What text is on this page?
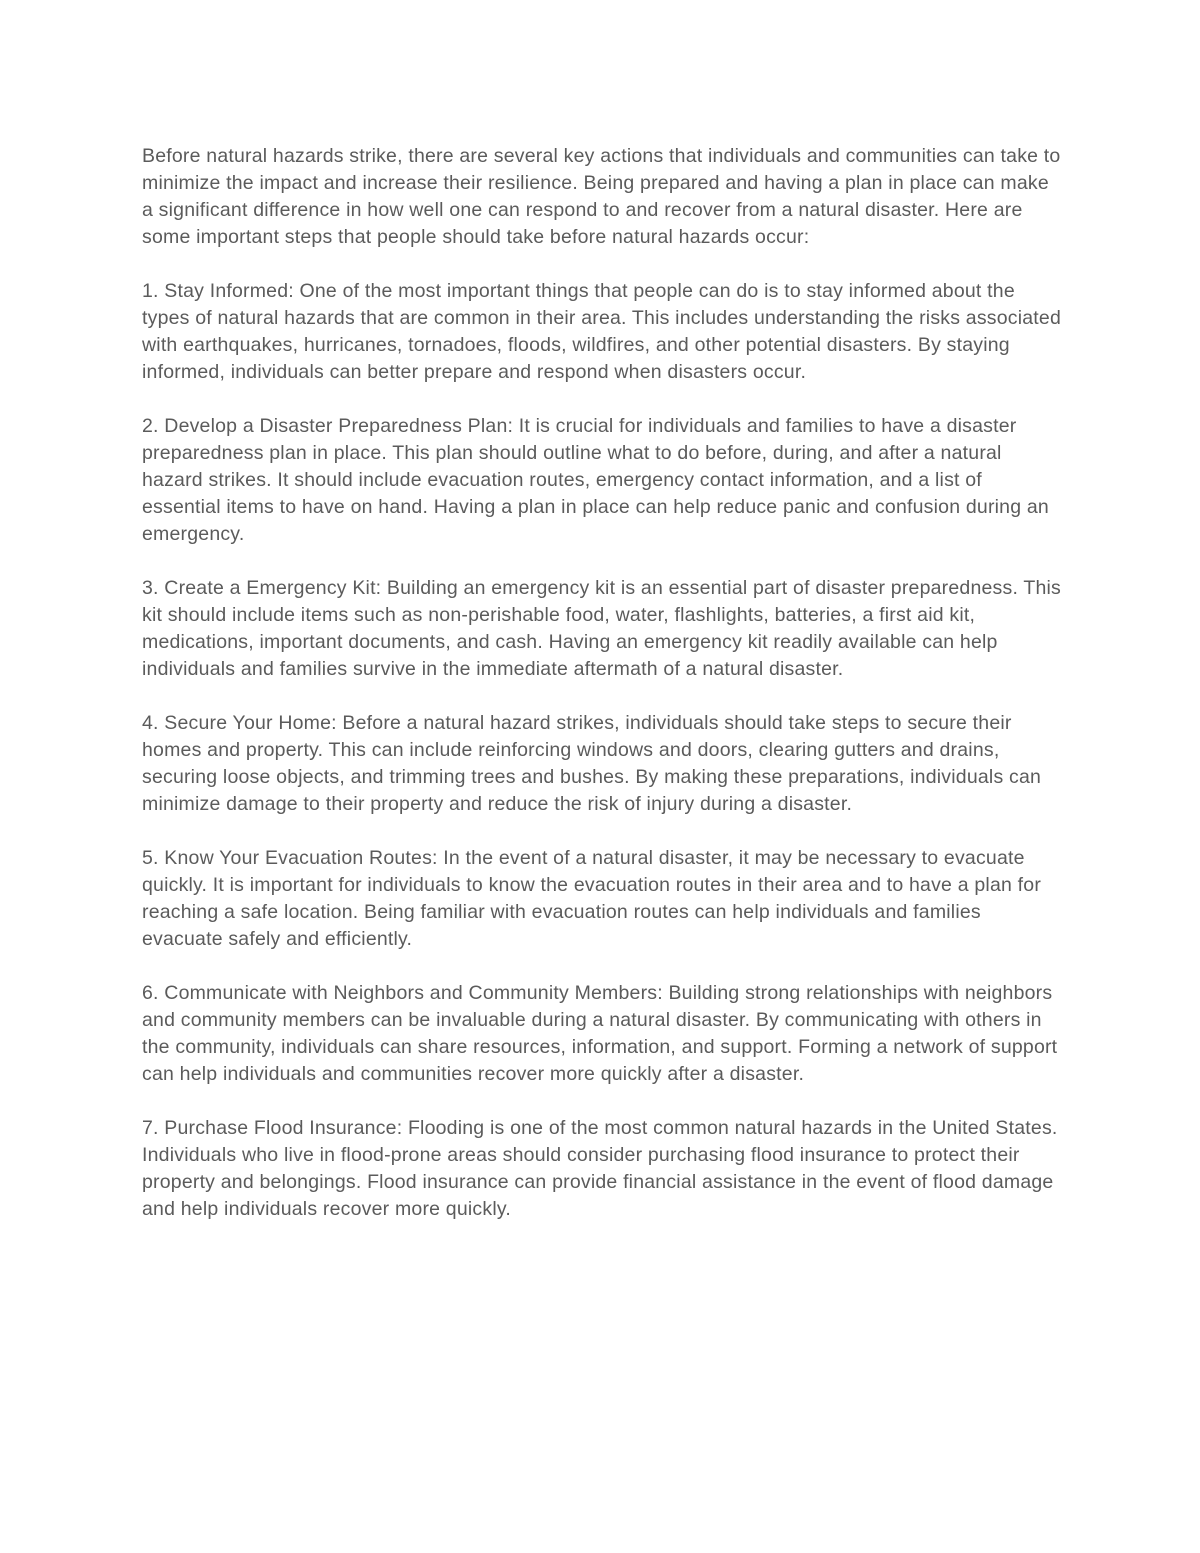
Before natural hazards strike, there are several key actions that individuals and communities can take to minimize the impact and increase their resilience. Being prepared and having a plan in place can make a significant difference in how well one can respond to and recover from a natural disaster. Here are some important steps that people should take before natural hazards occur:

1. Stay Informed: One of the most important things that people can do is to stay informed about the types of natural hazards that are common in their area. This includes understanding the risks associated with earthquakes, hurricanes, tornadoes, floods, wildfires, and other potential disasters. By staying informed, individuals can better prepare and respond when disasters occur.

2. Develop a Disaster Preparedness Plan: It is crucial for individuals and families to have a disaster preparedness plan in place. This plan should outline what to do before, during, and after a natural hazard strikes. It should include evacuation routes, emergency contact information, and a list of essential items to have on hand. Having a plan in place can help reduce panic and confusion during an emergency.

3. Create a Emergency Kit: Building an emergency kit is an essential part of disaster preparedness. This kit should include items such as non-perishable food, water, flashlights, batteries, a first aid kit, medications, important documents, and cash. Having an emergency kit readily available can help individuals and families survive in the immediate aftermath of a natural disaster.

4. Secure Your Home: Before a natural hazard strikes, individuals should take steps to secure their homes and property. This can include reinforcing windows and doors, clearing gutters and drains, securing loose objects, and trimming trees and bushes. By making these preparations, individuals can minimize damage to their property and reduce the risk of injury during a disaster.

5. Know Your Evacuation Routes: In the event of a natural disaster, it may be necessary to evacuate quickly. It is important for individuals to know the evacuation routes in their area and to have a plan for reaching a safe location. Being familiar with evacuation routes can help individuals and families evacuate safely and efficiently.

6. Communicate with Neighbors and Community Members: Building strong relationships with neighbors and community members can be invaluable during a natural disaster. By communicating with others in the community, individuals can share resources, information, and support. Forming a network of support can help individuals and communities recover more quickly after a disaster.

7. Purchase Flood Insurance: Flooding is one of the most common natural hazards in the United States. Individuals who live in flood-prone areas should consider purchasing flood insurance to protect their property and belongings. Flood insurance can provide financial assistance in the event of flood damage and help individuals recover more quickly.
